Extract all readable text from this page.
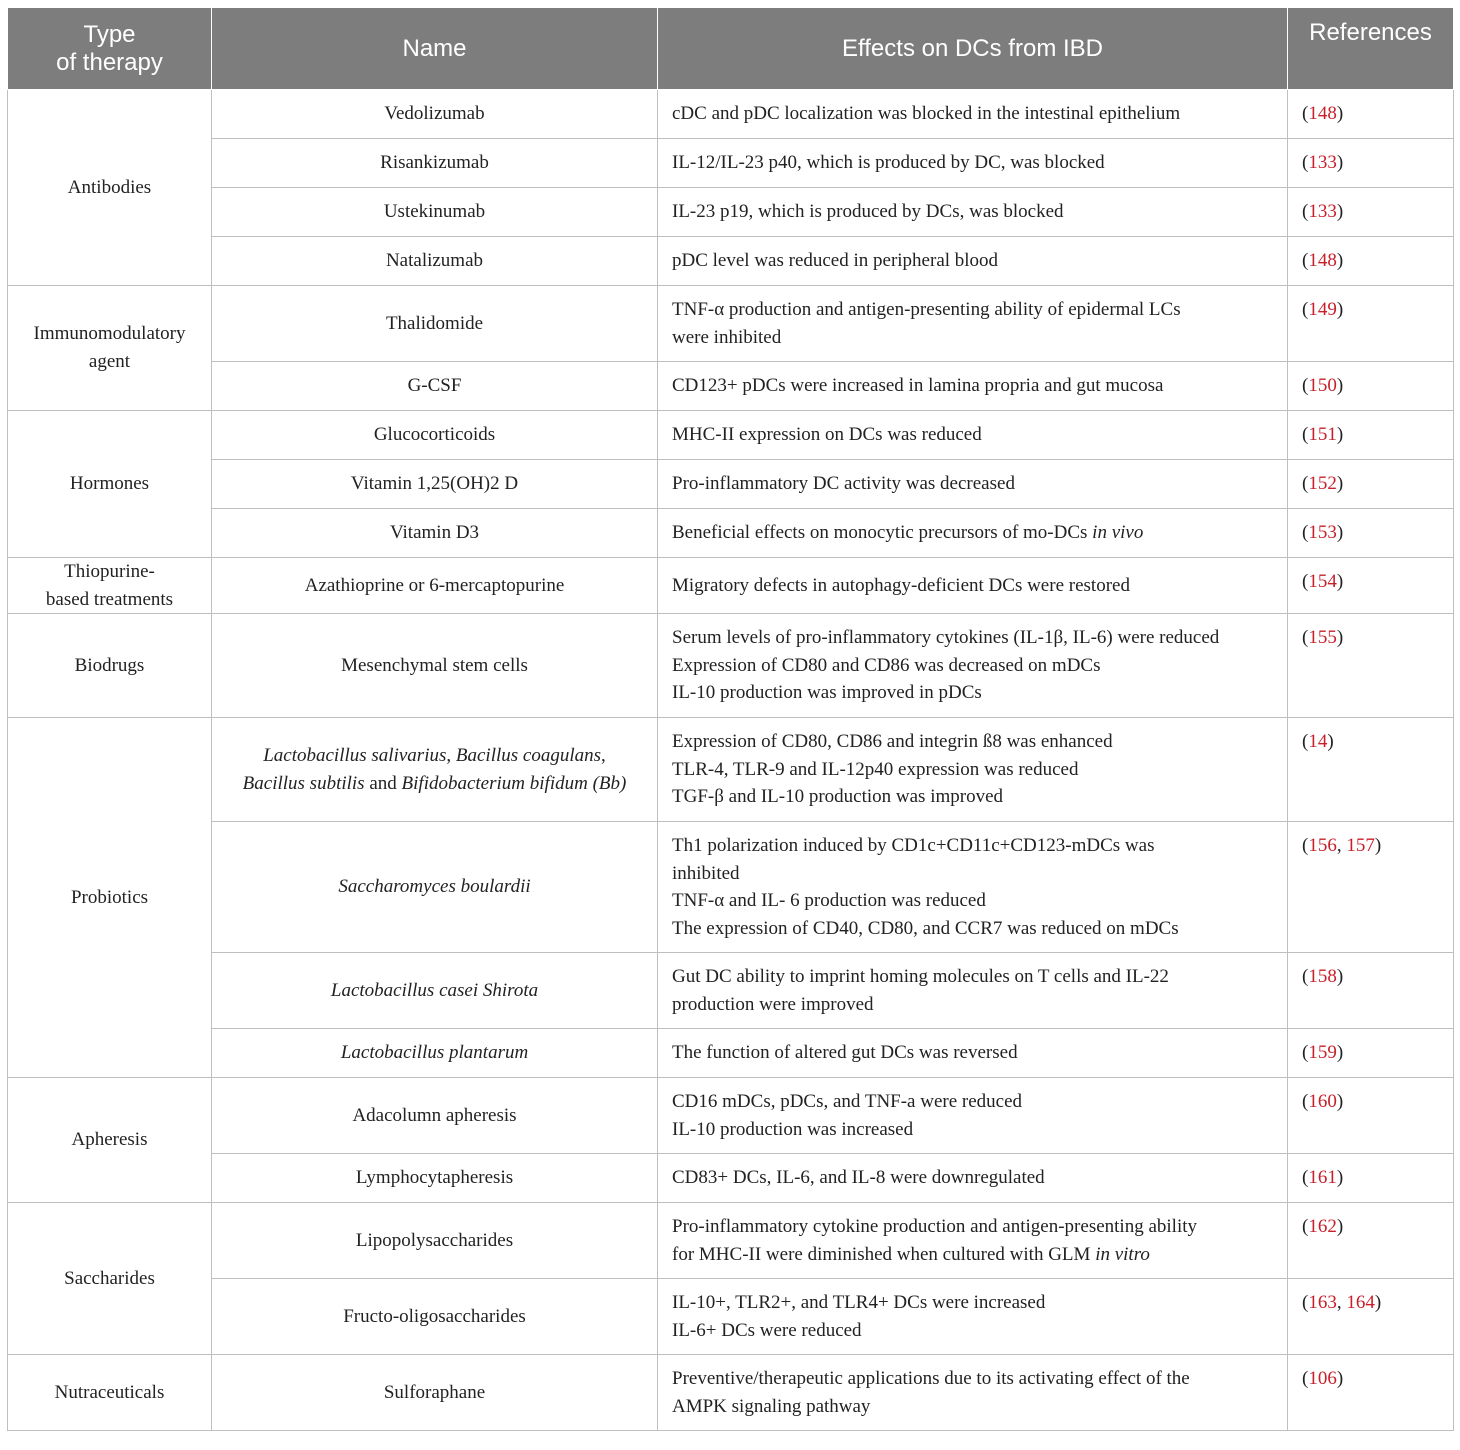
Type
of therapy	Name	Effects on DCs from IBD	References
Antibodies	Vedolizumab	cDC and pDC localization was blocked in the intestinal epithelium	(148)

	Risankizumab	IL-12/IL-23 p40, which is produced by DC, was blocked	(133)

	Ustekinumab	IL-23 p19, which is produced by DCs, was blocked	(133)

	Natalizumab	pDC level was reduced in peripheral blood	(148)

Immunomodulatory
agent	Thalidomide	TNF-α production and antigen-presenting ability of epidermal LCs
were inhibited	(149)

	G-CSF	CD123+ pDCs were increased in lamina propria and gut mucosa	(150)
Hormones	Glucocorticoids	MHC-II expression on DCs was reduced	(151)

	Vitamin 1,25(OH)2 D	Pro-inflammatory DC activity was decreased	(152)

	Vitamin D3	Beneficial effects on monocytic precursors of mo-DCs in vivo	(153)

Thiopurine-
based treatments	Azathioprine or 6-mercaptopurine	Migratory defects in autophagy-deficient DCs were restored	(154)
Biodrugs	Mesenchymal stem cells	Serum levels of pro-inflammatory cytokines (IL-1β, IL-6) were reduced
Expression of CD80 and CD86 was decreased on mDCs
IL-10 production was improved in pDCs	(155)
Probiotics	Lactobacillus salivarius, Bacillus coagulans,
Bacillus subtilis and Bifidobacterium bifidum (Bb)	Expression of CD80, CD86 and integrin ß8 was enhanced
TLR-4, TLR-9 and IL-12p40 expression was reduced
TGF-β and IL-10 production was improved	(14)

	Saccharomyces boulardii	Th1 polarization induced by CD1c+CD11c+CD123-mDCs was
inhibited
TNF-α and IL- 6 production was reduced
The expression of CD40, CD80, and CCR7 was reduced on mDCs	(156, 157)

	Lactobacillus casei Shirota	Gut DC ability to imprint homing molecules on T cells and IL-22
production were improved	(158)

	Lactobacillus plantarum	The function of altered gut DCs was reversed	(159)
Apheresis	Adacolumn apheresis	CD16 mDCs, pDCs, and TNF-a were reduced
IL-10 production was increased	(160)

	Lymphocytapheresis	CD83+ DCs, IL-6, and IL-8 were downregulated	(161)
Saccharides	Lipopolysaccharides	Pro-inflammatory cytokine production and antigen-presenting ability
for MHC-II were diminished when cultured with GLM in vitro	(162)

	Fructo-oligosaccharides	IL-10+, TLR2+, and TLR4+ DCs were increased
IL-6+ DCs were reduced	(163, 164)
Nutraceuticals	Sulforaphane	Preventive/therapeutic applications due to its activating effect of the
AMPK signaling pathway	(106)
